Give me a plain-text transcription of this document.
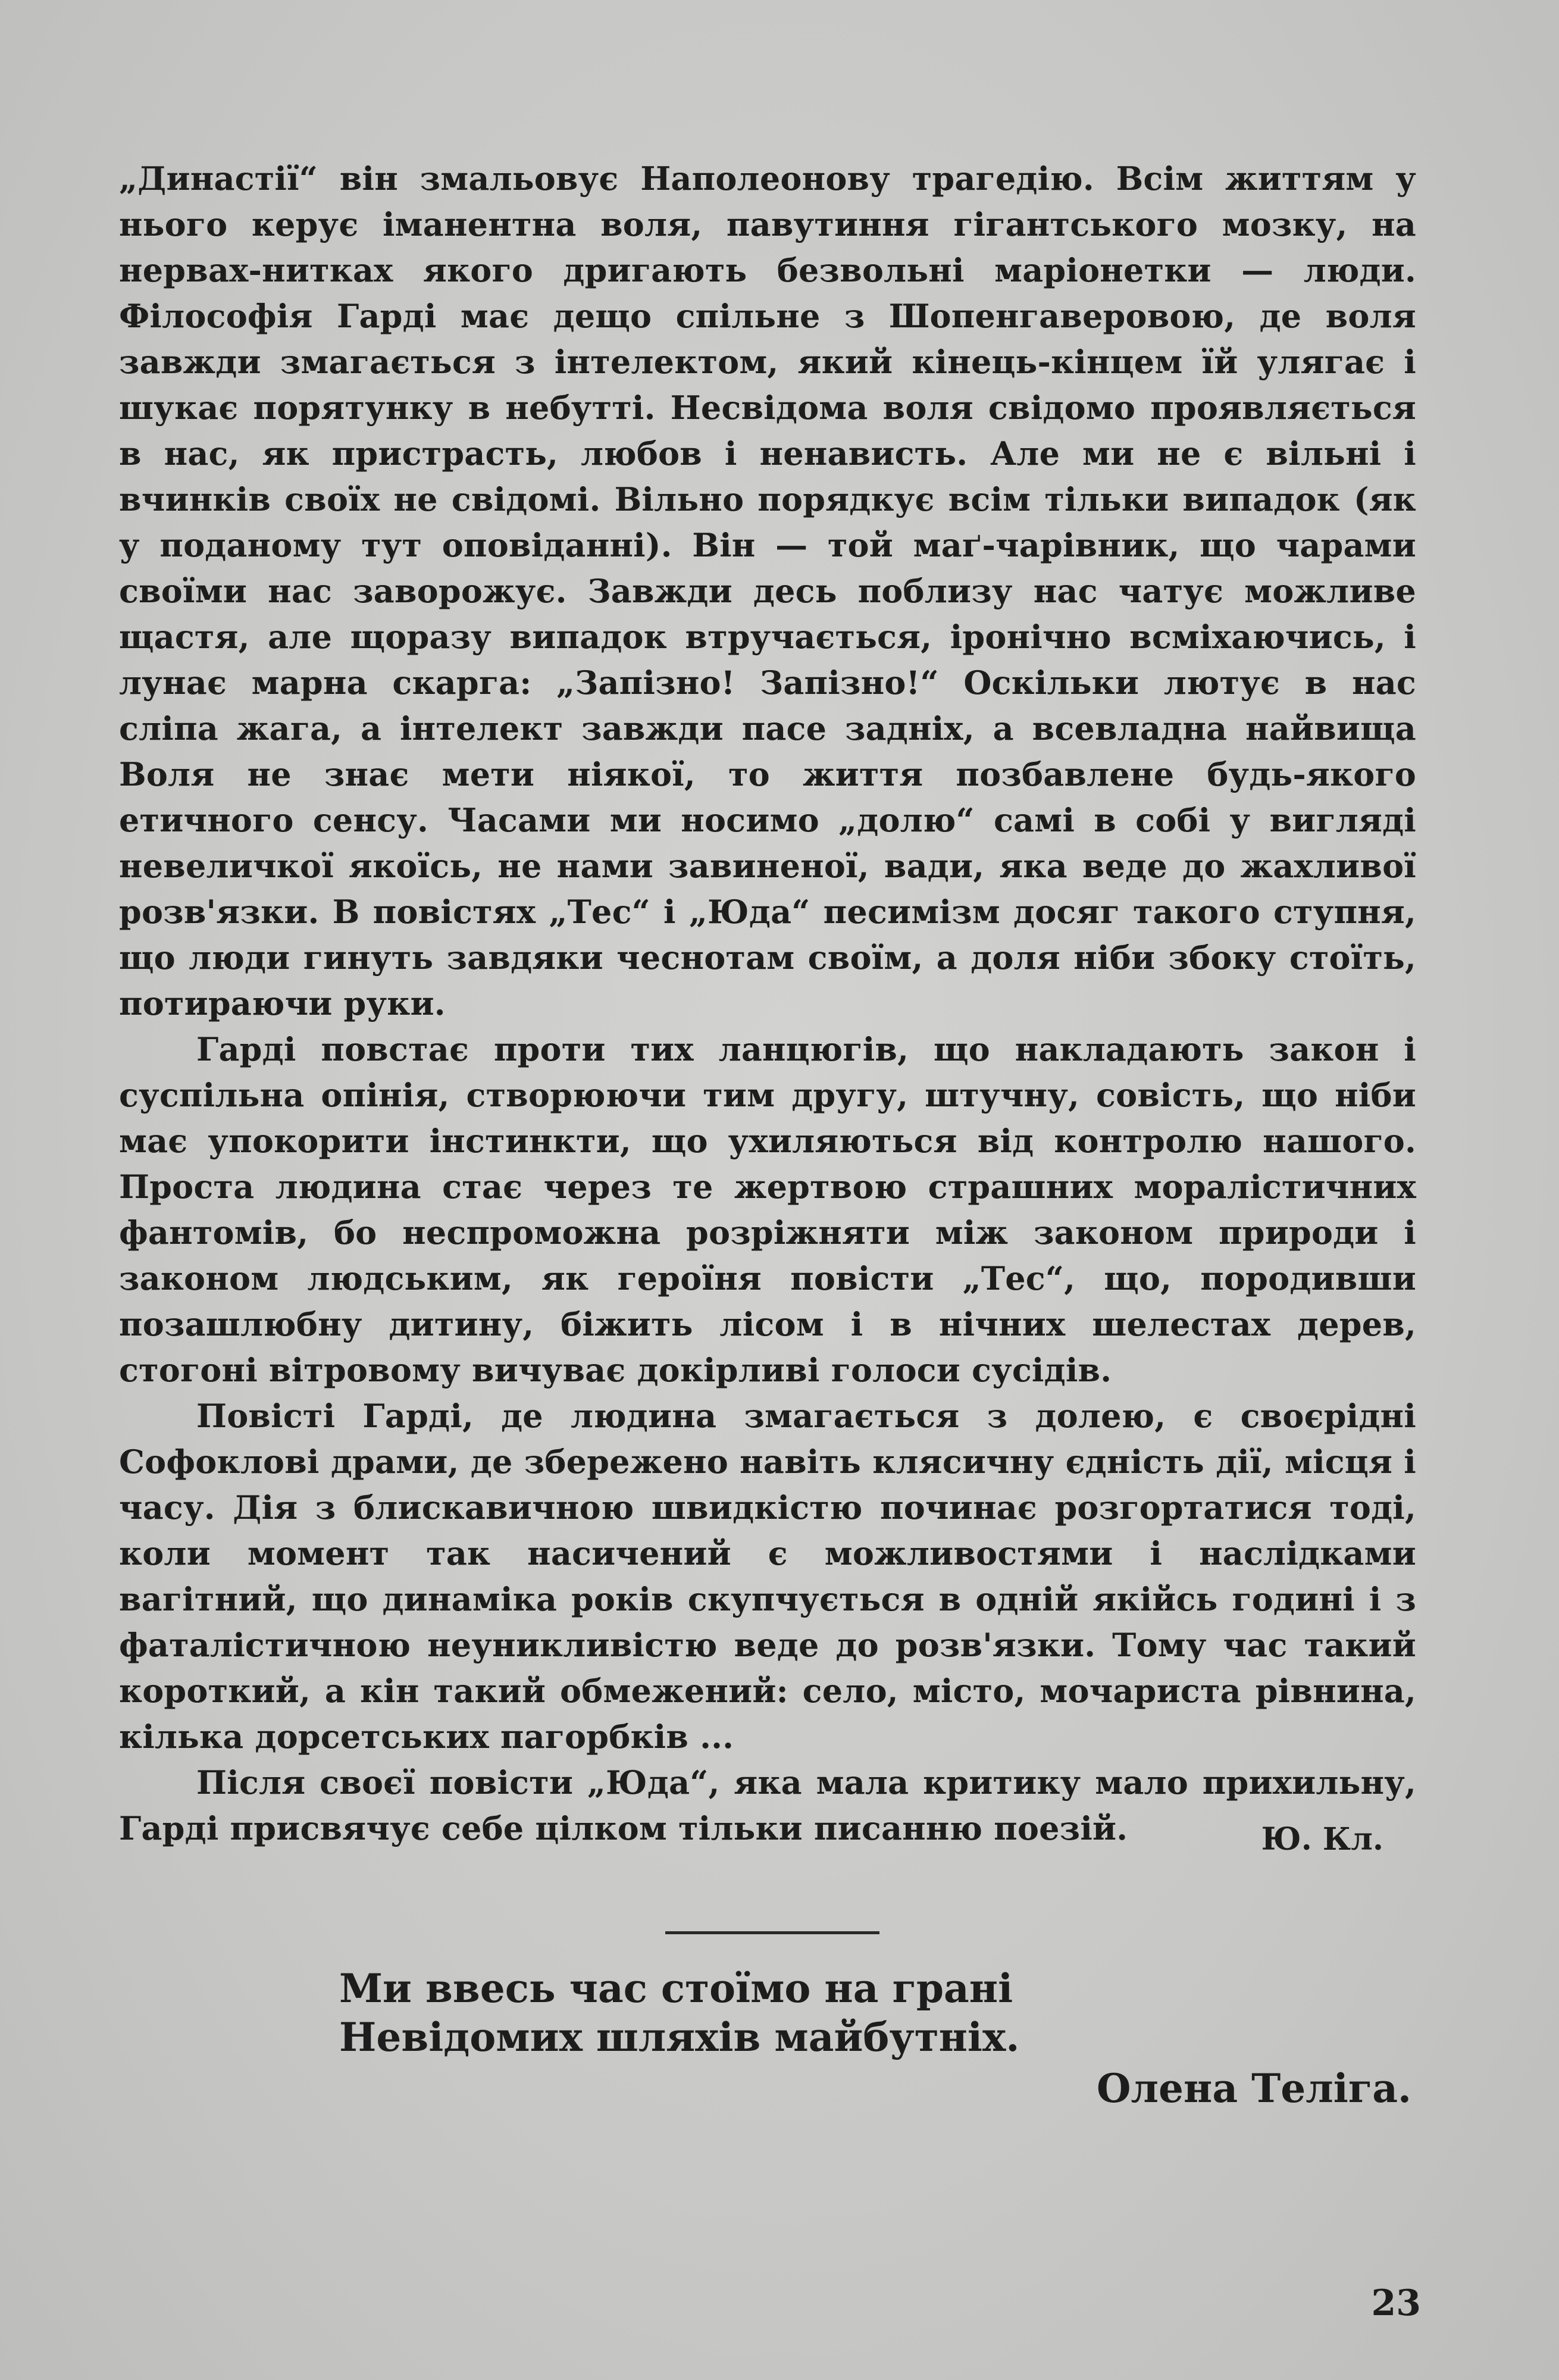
„Династії“ він змальовує Наполеонову трагедію. Всім життям у нього керує іманентна воля, павутиння гігантського мозку, на нервах-нитках якого дригають безвольні маріонетки — люди. Філософія Гарді має дещо спільне з Шопенгаверовою, де воля завжди змагається з інтелектом, який кінець-кінцем їй улягає і шукає порятунку в небутті. Несвідома воля свідомо проявляється в нас, як пристрасть, любов і ненависть. Але ми не є вільні і вчинків своїх не свідомі. Вільно порядкує всім тільки випадок (як у поданому тут оповіданні). Він — той маґ-чарівник, що чарами своїми нас заворожує. Завжди десь поблизу нас чатує можливе щастя, але щоразу випадок втручається, іронічно всміхаючись, і лунає марна скарга: „Запізно! Запізно!“ Оскільки лютує в нас сліпа жага, а інтелект завжди пасе задніх, а всевладна найвища Воля не знає мети ніякої, то життя позбавлене будь-якого етичного сенсу. Часами ми носимо „долю“ самі в собі у вигляді невеличкої якоїсь, не нами завиненої, вади, яка веде до жахливої розв'язки. В повістях „Тес“ і „Юда“ песимізм досяг такого ступня, що люди гинуть завдяки чеснотам своїм, а доля ніби збоку стоїть, потираючи руки.

Гарді повстає проти тих ланцюгів, що накладають закон і суспільна опінія, створюючи тим другу, штучну, совість, що ніби має упокорити інстинкти, що ухиляються від контролю нашого. Проста людина стає через те жертвою страшних моралістичних фантомів, бо неспроможна розріжняти між законом природи і законом людським, як героїня повісти „Тес“, що, породивши позашлюбну дитину, біжить лісом і в нічних шелестах дерев, стогоні вітровому вичуває докірливі голоси сусідів.

Повісті Гарді, де людина змагається з долею, є своєрідні Софоклові драми, де збережено навіть клясичну єдність дії, місця і часу. Дія з блискавичною швидкістю починає розгортатися тоді, коли момент так насичений є можливостями і наслідками вагітний, що динаміка років скупчується в одній якійсь годині і з фаталістичною неуникливістю веде до розв'язки. Тому час такий короткий, а кін такий обмежений: село, місто, мочариста рівнина, кілька дорсетських пагорбків ...

Після своєї повісти „Юда“, яка мала критику мало прихильну, Гарді присвячує себе цілком тільки писанню поезій.	Ю. Кл.
Ми ввесь час стоїмо на грані
Невідомих шляхів майбутніх.
Олена Теліга.
23
